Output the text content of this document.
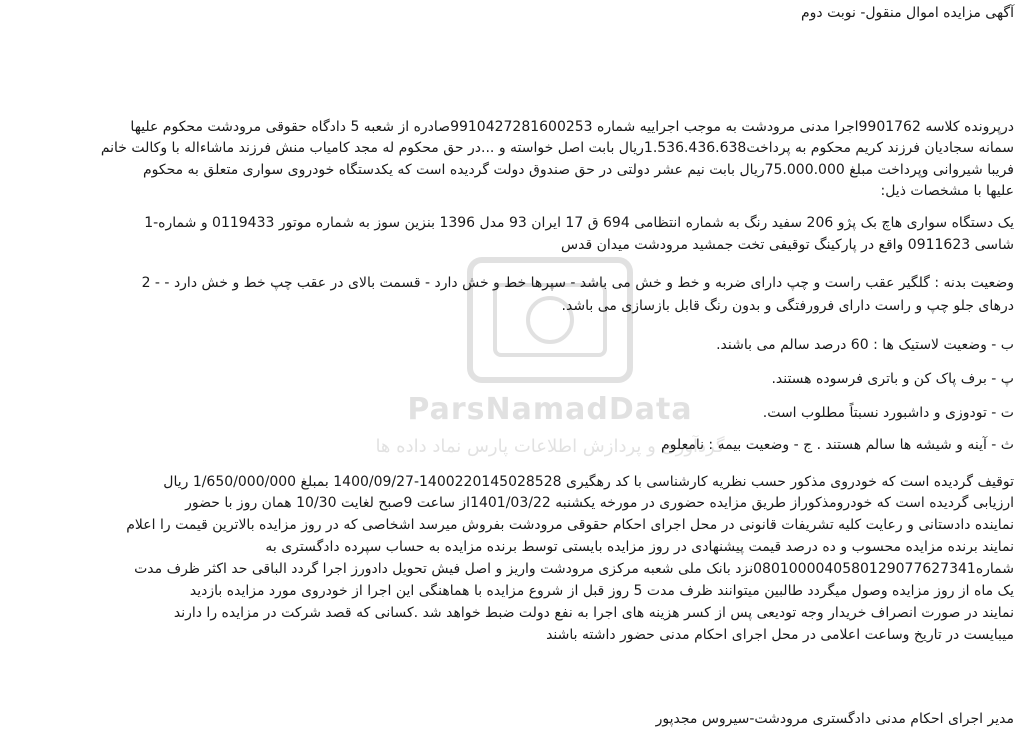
ParsNamadData
گردآوری و پردازش اطلاعات پارس نماد داده ها
آگهی مزایده اموال منقول- نوبت دوم
درپرونده کلاسه 9901762اجرا مدنی مرودشت به موجب اجراییه شماره 9910427281600253صادره از شعبه 5 دادگاه حقوقی مرودشت محکوم علیها
سمانه سجادیان فرزند کریم محکوم به پرداخت1.536.436.638ریال بابت اصل خواسته و ...در حق محکوم له مجد کامیاب منش فرزند ماشاءاله با وکالت خانم
فریبا شیروانی وپرداخت مبلغ 75.000.000ریال بابت نیم عشر دولتی در حق صندوق دولت گردیده است که یکدستگاه خودروی سواری متعلق به محکوم
علیها با مشخصات ذیل:
یک دستگاه سواری هاچ بک پژو 206 سفید رنگ به شماره انتظامی 694 ق 17 ایران 93 مدل 1396 بنزین سوز به شماره موتور 0119433 و شماره-1
شاسی 0911623 واقع در پارکینگ توقیفی تخت جمشید مرودشت میدان قدس
وضعیت بدنه : گلگیر عقب راست و چپ دارای ضربه و خط و خش می باشد - سپرها خط و خش دارد - قسمت بالای در عقب چپ خط و خش دارد - - 2
درهای جلو چپ و راست دارای فرورفتگی و بدون رنگ قابل بازسازی می باشد.
ب - وضعیت لاستیک ها : 60 درصد سالم می باشند.
پ - برف پاک کن و باتری فرسوده هستند.
ت - تودوزی و داشبورد نسبتاً مطلوب است.
ث - آینه و شیشه ها سالم هستند . ج - وضعیت بیمه : نامعلوم
توقیف گردیده است که خودروی مذکور حسب نظریه کارشناسی با کد رهگیری 1400220145028528-1400/09/27 بمبلغ 1/650/000/000 ریال
ارزیابی گردیده است که خودرومذکوراز طریق مزایده حضوری در مورخه یکشنبه 1401/03/22از ساعت 9صبح لغایت 10/30 همان روز با حضور
نماینده دادستانی و رعایت کلیه تشریفات قانونی در محل اجرای احکام حقوقی مرودشت بفروش میرسد اشخاصی که در روز مزایده بالاترین قیمت را اعلام
نمایند برنده مزایده محسوب و ده درصد قیمت پیشنهادی در روز مزایده بایستی توسط برنده مزایده به حساب سپرده دادگستری به
شماره0801000040580129077627341نزد بانک ملی شعبه مرکزی مرودشت واریز و اصل فیش تحویل دادورز اجرا گردد الباقی حد اکثر ظرف مدت
یک ماه از روز مزایده وصول میگردد طالبین میتوانند ظرف مدت 5 روز قبل از شروع مزایده با هماهنگی این اجرا از خودروی مورد مزایده بازدید
نمایند در صورت انصراف خریدار وجه تودیعی پس از کسر هزینه های اجرا به نفع دولت ضبط خواهد شد .کسانی که قصد شرکت در مزایده را دارند
میبایست در تاریخ وساعت اعلامی در محل اجرای احکام مدنی حضور داشته باشند
مدیر اجرای احکام مدنی دادگستری مرودشت-سیروس مجدپور
